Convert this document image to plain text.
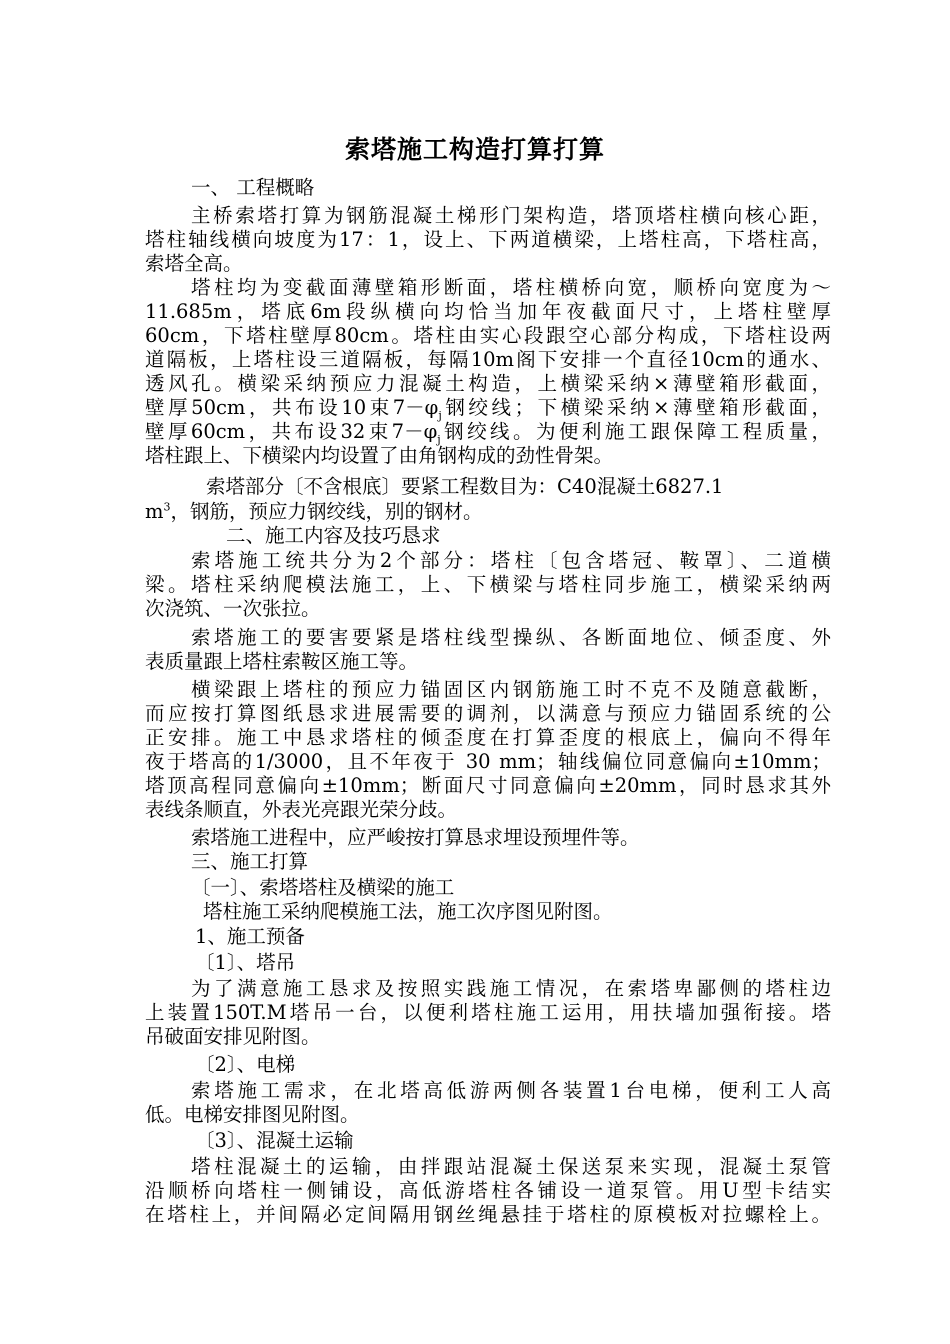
索塔施工构造打算打算
一、 工程概略
主桥索塔打算为钢筋混凝土梯形门架构造，塔顶塔柱横向核心距，
塔柱轴线横向坡度为17：1，设上、下两道横梁，上塔柱高，下塔柱高，
索塔全高。
塔柱均为变截面薄壁箱形断面，塔柱横桥向宽，顺桥向宽度为～
11.685m，塔底6m段纵横向均恰当加年夜截面尺寸，上塔柱壁厚
60cm，下塔柱壁厚80cm。塔柱由实心段跟空心部分构成，下塔柱设两
道隔板，上塔柱设三道隔板，每隔10m阁下安排一个直径10cm的通水、
透风孔。横梁采纳预应力混凝土构造，上横梁采纳×薄壁箱形截面，
壁厚50cm，共布设10束$7-\varphi_j$钢绞线；下横梁采纳×薄壁箱形截面，
壁厚60cm，共布设32束$7-\varphi_j$钢绞线。为便利施工跟保障工程质量，
塔柱跟上、下横梁内均设置了由角钢构成的劲性骨架。
索塔部分〔不含根底〕要紧工程数目为：C40混凝土6827.1
$m^3$，钢筋，预应力钢绞线，别的钢材。
二、施工内容及技巧恳求
索塔施工统共分为2个部分：塔柱〔包含塔冠、鞍罩〕、二道横
梁。塔柱采纳爬模法施工，上、下横梁与塔柱同步施工，横梁采纳两
次浇筑、一次张拉。
索塔施工的要害要紧是塔柱线型操纵、各断面地位、倾歪度、外
表质量跟上塔柱索鞍区施工等。
横梁跟上塔柱的预应力锚固区内钢筋施工时不克不及随意截断，
而应按打算图纸恳求进展需要的调剂，以满意与预应力锚固系统的公
正安排。施工中恳求塔柱的倾歪度在打算歪度的根底上，偏向不得年
夜于塔高的1/3000，且不年夜于 30 mm；轴线偏位同意偏向±10mm；
塔顶高程同意偏向±10mm；断面尺寸同意偏向±20mm，同时恳求其外
表线条顺直，外表光亮跟光荣分歧。
索塔施工进程中，应严峻按打算恳求埋设预埋件等。
三、施工打算
〔一〕、索塔塔柱及横梁的施工
塔柱施工采纳爬模施工法，施工次序图见附图。
1、施工预备
〔1〕、塔吊
为了满意施工恳求及按照实践施工情况，在索塔卑鄙侧的塔柱边
上装置150T.M塔吊一台，以便利塔柱施工运用，用扶墙加强衔接。塔
吊破面安排见附图。
〔2〕、电梯
索塔施工需求，在北塔高低游两侧各装置1台电梯，便利工人高
低。电梯安排图见附图。
〔3〕、混凝土运输
塔柱混凝土的运输，由拌跟站混凝土保送泵来实现，混凝土泵管
沿顺桥向塔柱一侧铺设，高低游塔柱各铺设一道泵管。用U型卡结实
在塔柱上，并间隔必定间隔用钢丝绳悬挂于塔柱的原模板对拉螺栓上。
